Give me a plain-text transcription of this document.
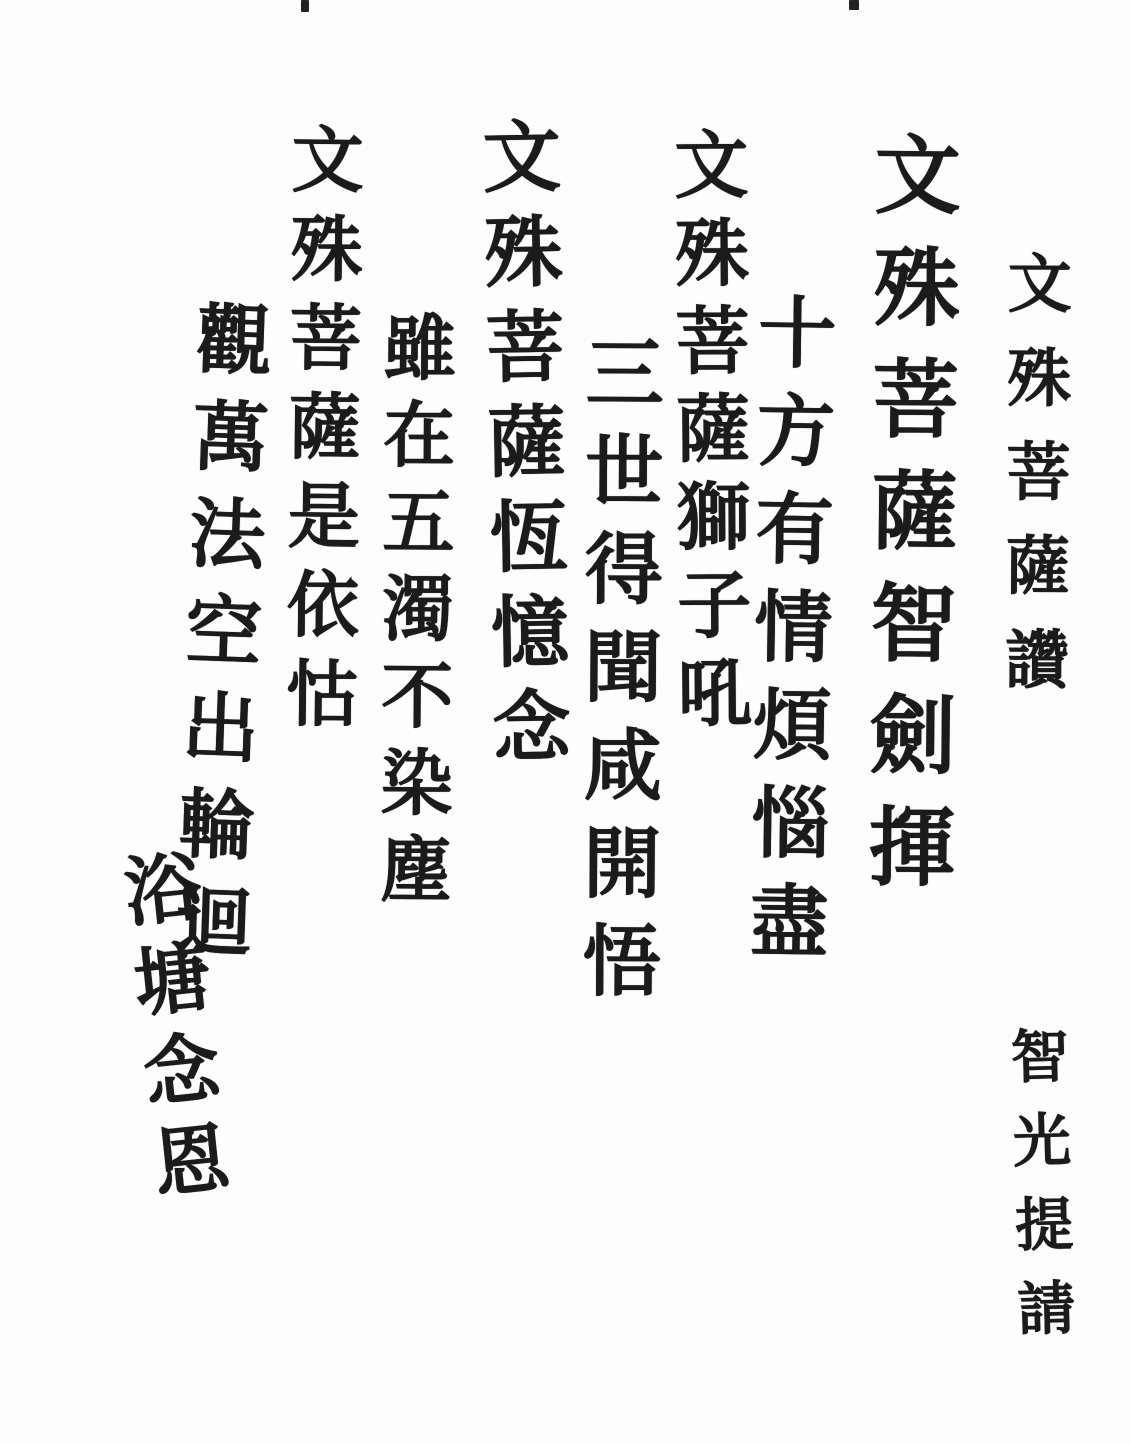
文殊菩薩讚
文殊菩薩智劍揮
十方有情煩惱盡
文殊菩薩獅子吼
三世得聞咸開悟
文殊菩薩恆憶念
雖在五濁不染塵
文殊菩薩是依怙
觀萬法空出輪迴
浴塘念恩	智光提請
